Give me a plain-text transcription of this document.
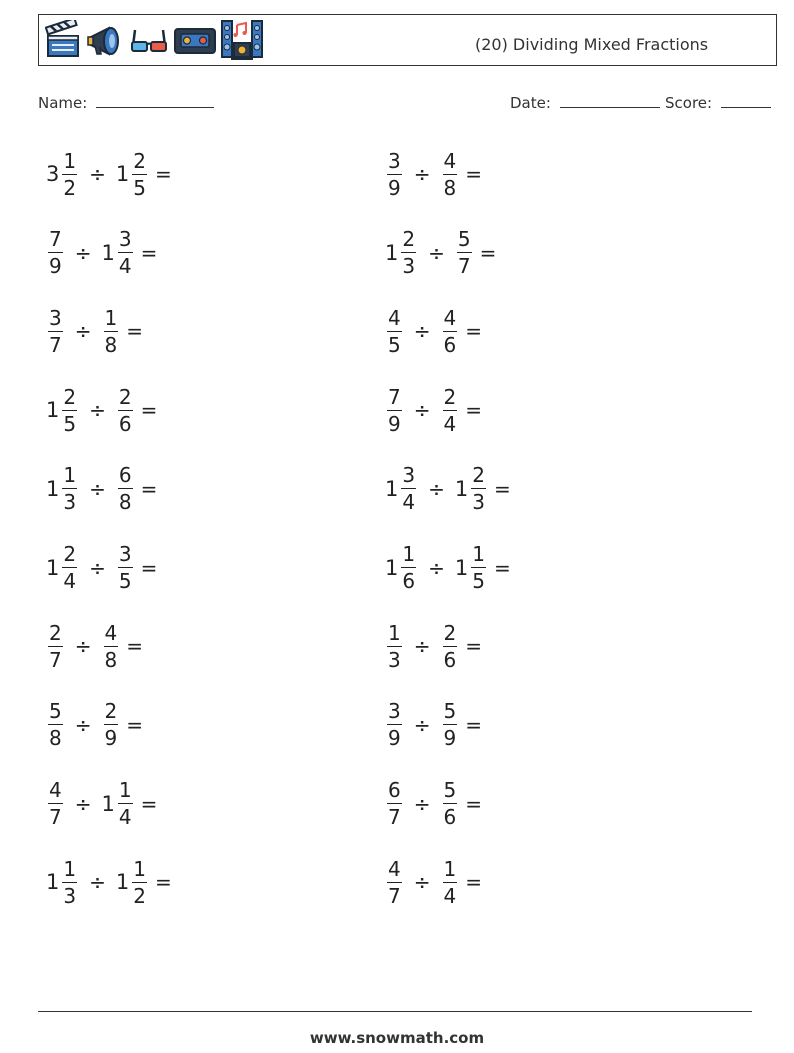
(20) Dividing Mixed Fractions
Name:	Date:	Score:
$3 \frac{1}{2} \div 1 \frac{2}{5}$ =	$\frac{3}{9} \div \frac{4}{8}$ =
$\frac{7}{9} \div 1 \frac{3}{4}$ =	$1 \frac{2}{3} \div \frac{5}{7}$ =
$\frac{3}{7} \div \frac{1}{8}$ =	$\frac{4}{5} \div \frac{4}{6}$ =
$1 \frac{2}{5} \div \frac{2}{6}$ =	$\frac{7}{9} \div \frac{2}{4}$ =
$1 \frac{1}{3} \div \frac{6}{8}$ =	$1 \frac{3}{4} \div 1 \frac{2}{3}$ =
$1 \frac{2}{4} \div \frac{3}{5}$ =	$1 \frac{1}{6} \div 1 \frac{1}{5}$ =
$\frac{2}{7} \div \frac{4}{8}$ =	$\frac{1}{3} \div \frac{2}{6}$ =
$\frac{5}{8} \div \frac{2}{9}$ =	$\frac{3}{9} \div \frac{5}{9}$ =
$\frac{4}{7} \div 1 \frac{1}{4}$ =	$\frac{6}{7} \div \frac{5}{6}$ =
$1 \frac{1}{3} \div 1 \frac{1}{2}$ =	$\frac{4}{7} \div \frac{1}{4}$ =
www.snowmath.com
